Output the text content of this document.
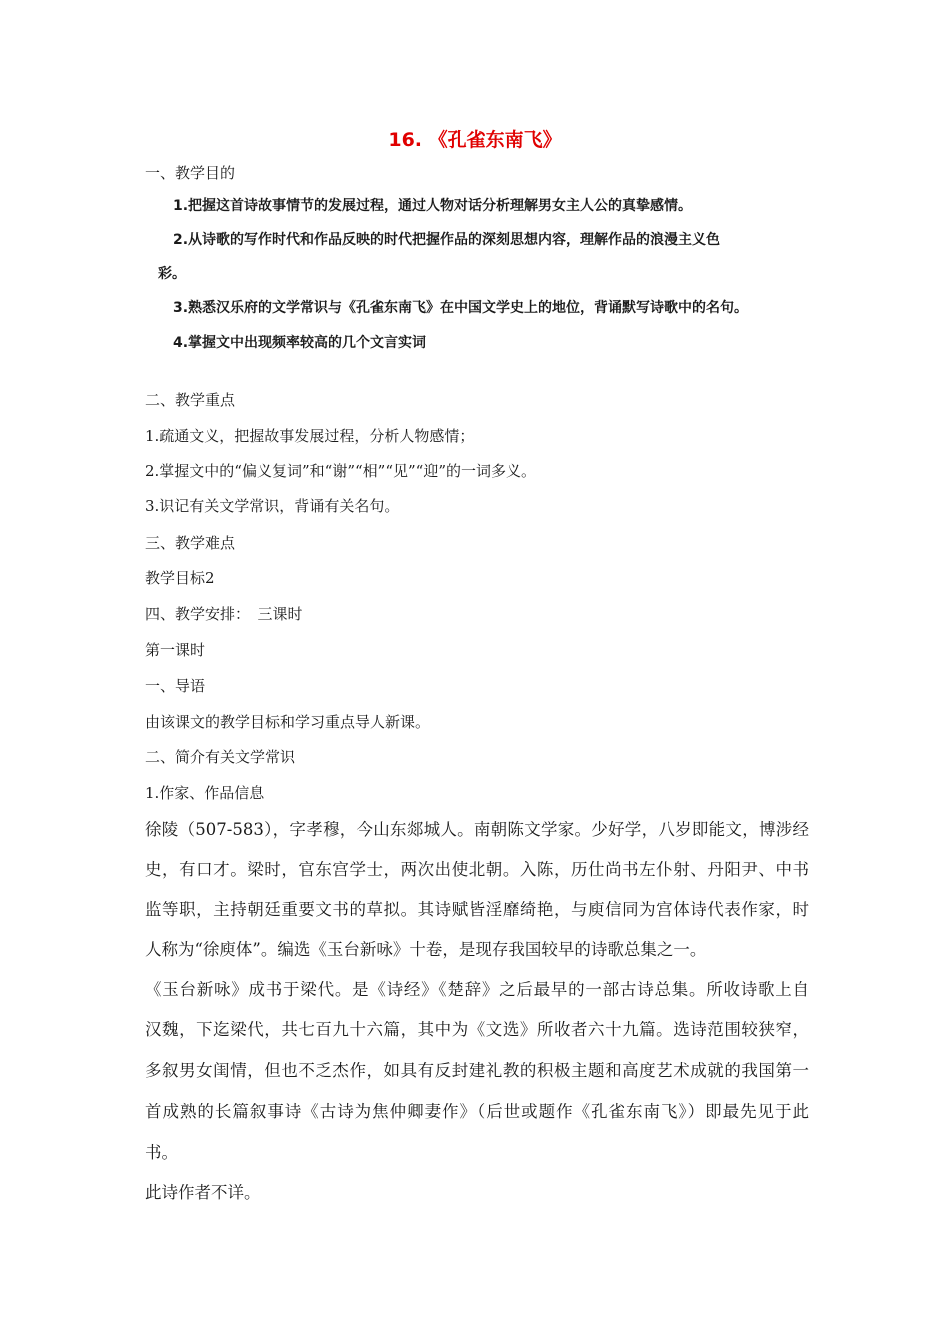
16. 《孔雀东南飞》
一、教学目的
1.把握这首诗故事情节的发展过程，通过人物对话分析理解男女主人公的真挚感情。
2.从诗歌的写作时代和作品反映的时代把握作品的深刻思想内容，理解作品的浪漫主义色
彩。
3.熟悉汉乐府的文学常识与《孔雀东南飞》在中国文学史上的地位，背诵默写诗歌中的名句。
4.掌握文中出现频率较高的几个文言实词
二、教学重点
1.疏通文义，把握故事发展过程，分析人物感情；
2.掌握文中的“偏义复词”和“谢”“相”“见”“迎”的一词多义。
3.识记有关文学常识，背诵有关名句。
三、教学难点
教学目标2
四、教学安排：　三课时
第一课时
一、导语
由该课文的教学目标和学习重点导人新课。
二、简介有关文学常识
1.作家、作品信息
徐陵（507-583），字孝穆，今山东郯城人。南朝陈文学家。少好学，八岁即能文，博涉经
史，有口才。梁时，官东宫学士，两次出使北朝。入陈，历仕尚书左仆射、丹阳尹、中书
监等职，主持朝廷重要文书的草拟。其诗赋皆淫靡绮艳，与庾信同为宫体诗代表作家，时
人称为“徐庾体”。编选《玉台新咏》十卷，是现存我国较早的诗歌总集之一。
《玉台新咏》成书于梁代。是《诗经》《楚辞》之后最早的一部古诗总集。所收诗歌上自
汉魏，下迄梁代，共七百九十六篇，其中为《文选》所收者六十九篇。选诗范围较狭窄，
多叙男女闺情，但也不乏杰作，如具有反封建礼教的积极主题和高度艺术成就的我国第一
首成熟的长篇叙事诗《古诗为焦仲卿妻作》（后世或题作《孔雀东南飞》）即最先见于此
书。
此诗作者不详。
